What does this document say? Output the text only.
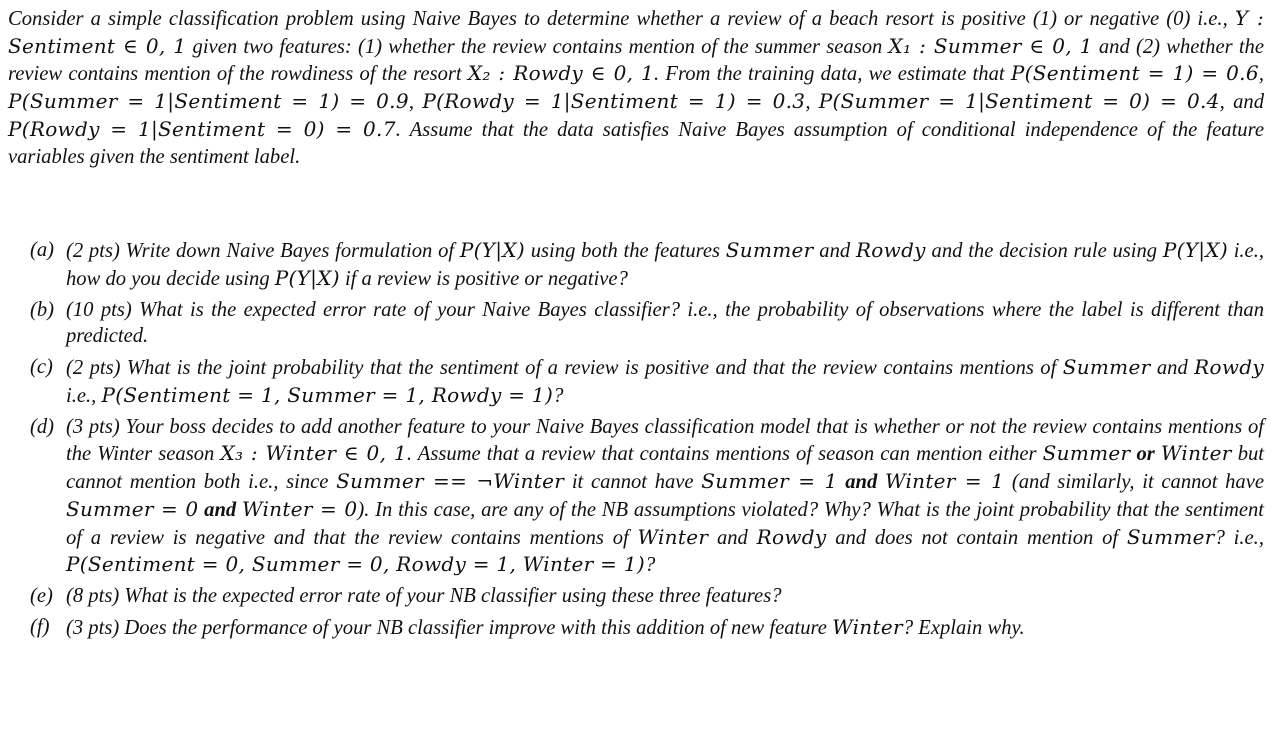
Consider a simple classification problem using Naive Bayes to determine whether a review of a beach resort is positive (1) or negative (0) i.e., Y : Sentiment ∈ 0, 1 given two features: (1) whether the review contains mention of the summer season X₁ : Summer ∈ 0, 1 and (2) whether the review contains mention of the rowdiness of the resort X₂ : Rowdy ∈ 0, 1. From the training data, we estimate that P(Sentiment = 1) = 0.6, P(Summer = 1|Sentiment = 1) = 0.9, P(Rowdy = 1|Sentiment = 1) = 0.3, P(Summer = 1|Sentiment = 0) = 0.4, and P(Rowdy = 1|Sentiment = 0) = 0.7. Assume that the data satisfies Naive Bayes assumption of conditional independence of the feature variables given the sentiment label.

(a) (2 pts) Write down Naive Bayes formulation of P(Y|X) using both the features Summer and Rowdy and the decision rule using P(Y|X) i.e., how do you decide using P(Y|X) if a review is positive or negative?
(b) (10 pts) What is the expected error rate of your Naive Bayes classifier? i.e., the probability of observations where the label is different than predicted.
(c) (2 pts) What is the joint probability that the sentiment of a review is positive and that the review contains mentions of Summer and Rowdy i.e., P(Sentiment = 1, Summer = 1, Rowdy = 1)?
(d) (3 pts) Your boss decides to add another feature to your Naive Bayes classification model that is whether or not the review contains mentions of the Winter season X₃ : Winter ∈ 0, 1. Assume that a review that contains mentions of season can mention either Summer or Winter but cannot mention both i.e., since Summer == ¬Winter it cannot have Summer = 1 and Winter = 1 (and similarly, it cannot have Summer = 0 and Winter = 0). In this case, are any of the NB assumptions violated? Why? What is the joint probability that the sentiment of a review is negative and that the review contains mentions of Winter and Rowdy and does not contain mention of Summer? i.e., P(Sentiment = 0, Summer = 0, Rowdy = 1, Winter = 1)?
(e) (8 pts) What is the expected error rate of your NB classifier using these three features?
(f) (3 pts) Does the performance of your NB classifier improve with this addition of new feature Winter? Explain why.
